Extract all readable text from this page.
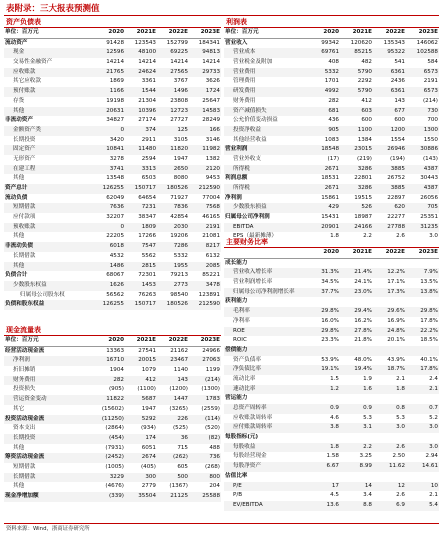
表附录：三大报表预测值
资产负债表
单位：百万元	2020	2021E	2022E	2023E
流动资产	91428	123543	152799	184341
现金	12596	48100	69225	94813
交易性金融资产	14214	14214	14214	14214
应收账款	21765	24624	27565	29733
其它应收款	1869	3361	3767	3626
预付账款	1166	1544	1496	1724
存货	19198	21304	23808	25647
其他	20631	10396	12723	14583
非流动资产	34827	27174	27727	28249
金额资产类	0	374	125	166
长期投资	3420	2911	3105	3146
固定资产	10841	11480	11820	11982
无形资产	3278	2594	1947	1382
在建工程	3741	3313	2650	2120
其他	13548	6503	8080	9453
资产总计	126255	150717	180526	212590
流动负债	62049	64654	71927	77004
短期借款	7636	7231	7836	7568
应付款项	32207	38347	42854	46165
预收账款	0	1809	2030	2191
其他	22205	17266	19206	21081
非流动负债	6018	7547	7286	8217
长期借款	4532	5562	5332	6132
其他	1486	2815	1955	2085
负债合计	68067	72301	79213	85221
少数股东权益	1626	1453	2773	3478
归属母公司股东权	56562	76263	98540	123891
负债和股东权益	126255	150717	180526	212590
现金流量表
单位：百万元	2020	2021E	2022E	2023E
经营活动现金流	13363	27541	21162	24966
净利润	16710	20015	23467	27063
折旧摊销	1904	1079	1140	1199
财务费用	282	412	143	(214)
投资损失	(905)	(1100)	(1200)	(1300)
营运资金变动	11822	5687	1447	1783
其它	(15602)	1947	(3265)	(2559)
投资活动现金流	(11250)	5292	226	(114)
资本支出	(2864)	(934)	(525)	(520)
长期投资	(454)	174	36	(82)
其他	(7931)	6051	715	488
筹资活动现金流	(2452)	2674	(262)	736
短期借款	(1005)	(405)	605	(268)
长期借款	3229	300	500	800
其他	(4676)	2779	(1367)	204
现金净增加额	(339)	35504	21125	25588
利润表
单位：百万元	2020	2021E	2022E	2023E
营业收入	99342	120620	135343	146062
营业成本	69761	85215	95322	102588
营业税金及附加	408	482	541	584
营业费用	5332	5790	6361	6573
管理费用	1701	2292	2436	2191
研发费用	4992	5790	6361	6573
财务费用	282	412	143	(214)
资产减值损失	681	603	677	730
公允价值变动损益	436	600	600	700
投资净收益	905	1100	1200	1300
其他经营收益	1083	1384	1554	1550
营业利润	18548	23015	26946	30886
营业外收支	(17)	(219)	(194)	(143)
所得税	2671	3286	3885	4387
利润总额	18531	22801	26752	30443
所得税	2671	3286	3885	4387
净利润	15861	19515	22897	26056
少数股东损益	429	526	620	705
归属母公司净利润	15431	18987	22277	25351
EBITDA	20901	24166	27788	31235
EPS（最新摊薄）	1.8	2.2	2.6	3.0
主要财务比率
2020	2021E	2022E	2023E
成长能力
营业收入增长率	31.3%	21.4%	12.2%	7.9%
营业利润增长率	34.5%	24.1%	17.1%	13.5%
归属母公司净利润增长率	37.7%	23.0%	17.3%	13.8%
获利能力
毛利率	29.8%	29.4%	29.6%	29.8%
净利率	16.0%	16.2%	16.9%	17.8%
ROE	29.8%	27.8%	24.8%	22.2%
ROIC	23.3%	21.8%	20.1%	18.5%
偿债能力
资产负债率	53.9%	48.0%	43.9%	40.1%
净负债比率	19.1%	19.4%	18.7%	17.8%
流动比率	1.5	1.9	2.1	2.4
速动比率	1.2	1.6	1.8	2.1
营运能力
总资产周转率	0.9	0.9	0.8	0.7
应收账款周转率	4.6	5.3	5.3	5.2
应付账款周转率	3.8	3.1	3.0	3.0
每股指标(元)
每股收益	1.8	2.2	2.6	3.0
每股经营现金	1.58	3.25	2.50	2.94
每股净资产	6.67	8.99	11.62	14.61
估值比率
P/E	17	14	12	10
P/B	4.5	3.4	2.6	2.1
EV/EBITDA	13.6	8.8	6.9	5.4
资料来源：Wind，浙商证券研究所
